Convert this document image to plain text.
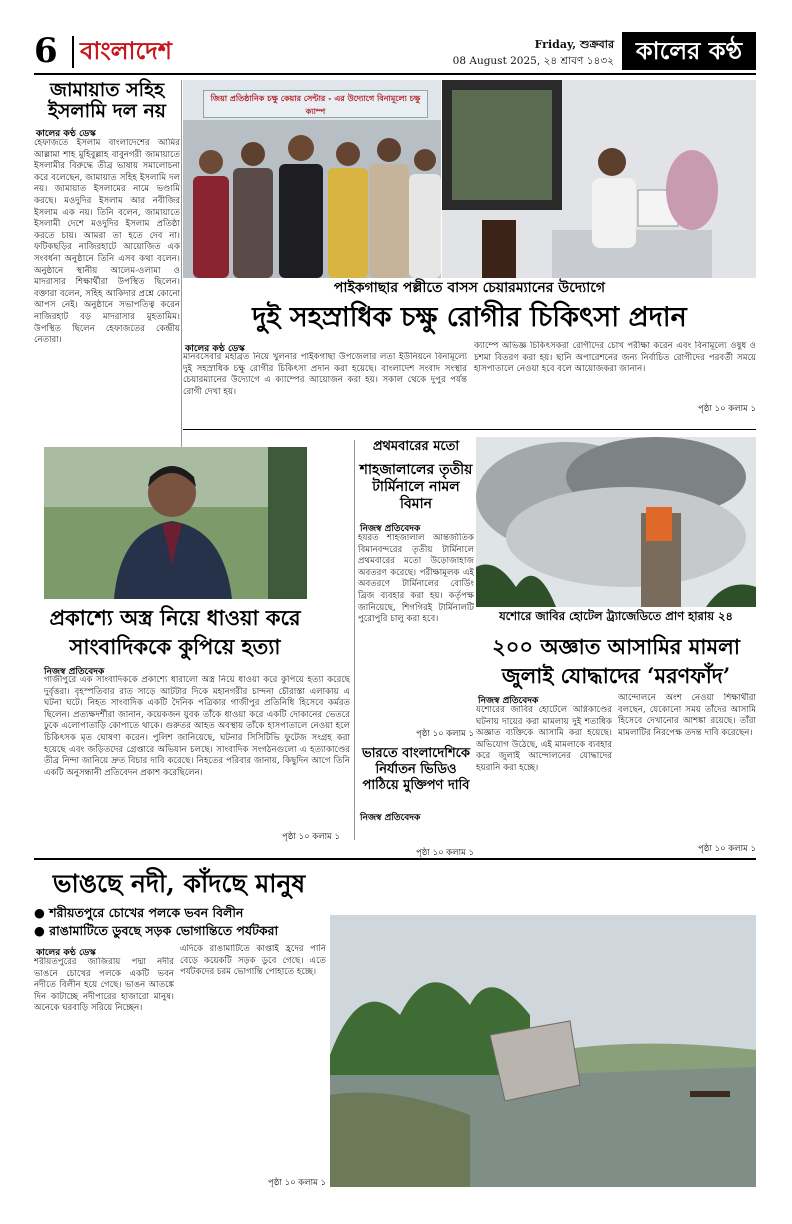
6 বাংলাদেশ	Friday, শুক্রবার
08 August 2025, ২৪ শ্রাবণ ১৪৩২ কালের কণ্ঠ
জামায়াত সহিহ ইসলামি দল নয়
কালের কণ্ঠ ডেস্ক
হেফাজতে ইসলাম বাংলাদেশের আমির আল্লামা শাহ মুহিবুল্লাহ বাবুনগরী জামায়াতে ইসলামীর বিরুদ্ধে তীব্র ভাষায় সমালোচনা করে বলেছেন, জামায়াত সহিহ ইসলামি দল নয়। জামায়াত ইসলামের নামে ভণ্ডামি করছে। মওদুদির ইসলাম আর নবীজির ইসলাম এক নয়। তিনি বলেন, জামায়াতে ইসলামী দেশে মওদুদির ইসলাম প্রতিষ্ঠা করতে চায়। আমরা তা হতে দেব না। ফটিকছড়ির নাজিরহাটে আয়োজিত এক সংবর্ধনা অনুষ্ঠানে তিনি এসব কথা বলেন। অনুষ্ঠানে স্থানীয় আলেম-ওলামা ও মাদরাসার শিক্ষার্থীরা উপস্থিত ছিলেন। বক্তারা বলেন, সহিহ আকিদার প্রশ্নে কোনো আপস নেই। অনুষ্ঠানে সভাপতিত্ব করেন নাজিরহাট বড় মাদরাসার মুহতামিম। উপস্থিত ছিলেন হেফাজতের কেন্দ্রীয় নেতারা।
জিয়া প্রতিষ্ঠানিক চক্ষু কেয়ার সেন্টার - এর উদ্যোগে বিনামূল্যে চক্ষু ক্যাম্প
পাইকগাছার পল্লীতে বাসস চেয়ারম্যানের উদ্যোগে
দুই সহস্রাধিক চক্ষু রোগীর চিকিৎসা প্রদান
কালের কণ্ঠ ডেস্ক
মানবসেবার মহাব্রত নিয়ে খুলনার পাইকগাছা উপজেলার লতা ইউনিয়নে বিনামূল্যে দুই সহস্রাধিক চক্ষু রোগীর চিকিৎসা প্রদান করা হয়েছে। বাংলাদেশ সংবাদ সংস্থার চেয়ারম্যানের উদ্যোগে এ ক্যাম্পের আয়োজন করা হয়। সকাল থেকে দুপুর পর্যন্ত রোগী দেখা হয়।
ক্যাম্পে অভিজ্ঞ চিকিৎসকরা রোগীদের চোখ পরীক্ষা করেন এবং বিনামূল্যে ওষুধ ও চশমা বিতরণ করা হয়। ছানি অপারেশনের জন্য নির্বাচিত রোগীদের পরবর্তী সময়ে হাসপাতালে নেওয়া হবে বলে আয়োজকরা জানান।
পৃষ্ঠা ১০ কলাম ১
প্রকাশ্যে অস্ত্র নিয়ে ধাওয়া করে সাংবাদিককে কুপিয়ে হত্যা
নিজস্ব প্রতিবেদক
গাজীপুরে এক সাংবাদিককে প্রকাশ্যে ধারালো অস্ত্র নিয়ে ধাওয়া করে কুপিয়ে হত্যা করেছে দুর্বৃত্তরা। বৃহস্পতিবার রাত সাড়ে আটটার দিকে মহানগরীর চান্দনা চৌরাস্তা এলাকায় এ ঘটনা ঘটে। নিহত সাংবাদিক একটি দৈনিক পত্রিকার গাজীপুর প্রতিনিধি হিসেবে কর্মরত ছিলেন। প্রত্যক্ষদর্শীরা জানান, কয়েকজন যুবক তাঁকে ধাওয়া করে একটি দোকানের ভেতরে ঢুকে এলোপাতাড়ি কোপাতে থাকে। গুরুতর আহত অবস্থায় তাঁকে হাসপাতালে নেওয়া হলে চিকিৎসক মৃত ঘোষণা করেন। পুলিশ জানিয়েছে, ঘটনার সিসিটিভি ফুটেজ সংগ্রহ করা হয়েছে এবং জড়িতদের গ্রেপ্তারে অভিযান চলছে। সাংবাদিক সংগঠনগুলো এ হত্যাকাণ্ডের তীব্র নিন্দা জানিয়ে দ্রুত বিচার দাবি করেছে। নিহতের পরিবার জানায়, কিছুদিন আগে তিনি একটি অনুসন্ধানী প্রতিবেদন প্রকাশ করেছিলেন।
পৃষ্ঠা ১০ কলাম ১
প্রথমবারের মতো
শাহজালালের তৃতীয় টার্মিনালে নামল বিমান
নিজস্ব প্রতিবেদক
হযরত শাহজালাল আন্তর্জাতিক বিমানবন্দরের তৃতীয় টার্মিনালে প্রথমবারের মতো উড়োজাহাজ অবতরণ করেছে। পরীক্ষামূলক এই অবতরণে টার্মিনালের বোর্ডিং ব্রিজ ব্যবহার করা হয়। কর্তৃপক্ষ জানিয়েছে, শিগগিরই টার্মিনালটি পুরোপুরি চালু করা হবে।
পৃষ্ঠা ১০ কলাম ১
ভারতে বাংলাদেশিকে নির্যাতন ভিডিও পাঠিয়ে মুক্তিপণ দাবি
নিজস্ব প্রতিবেদক
পৃষ্ঠা ১০ কলাম ১
যশোরে জাবির হোটেল ট্র্যাজেডিতে প্রাণ হারায় ২৪
২০০ অজ্ঞাত আসামির মামলা জুলাই যোদ্ধাদের ‘মরণফাঁদ’
নিজস্ব প্রতিবেদক
যশোরের জাবির হোটেলে অগ্নিকাণ্ডের ঘটনায় দায়ের করা মামলায় দুই শতাধিক অজ্ঞাত ব্যক্তিকে আসামি করা হয়েছে। অভিযোগ উঠেছে, এই মামলাকে ব্যবহার করে জুলাই আন্দোলনের যোদ্ধাদের হয়রানি করা হচ্ছে।
আন্দোলনে অংশ নেওয়া শিক্ষার্থীরা বলছেন, যেকোনো সময় তাঁদের আসামি হিসেবে দেখানোর আশঙ্কা রয়েছে। তাঁরা মামলাটির নিরপেক্ষ তদন্ত দাবি করেছেন।
পৃষ্ঠা ১০ কলাম ১
ভাঙছে নদী, কাঁদছে মানুষ
● শরীয়তপুরে চোখের পলকে ভবন বিলীন
● রাঙামাটিতে ডুবছে সড়ক ভোগান্তিতে পর্যটকরা
কালের কণ্ঠ ডেস্ক
শরীয়তপুরের জাজিরায় পদ্মা নদীর ভাঙনে চোখের পলকে একটি ভবন নদীতে বিলীন হয়ে গেছে। ভাঙন আতঙ্কে দিন কাটাচ্ছে নদীপারের হাজারো মানুষ। অনেকে ঘরবাড়ি সরিয়ে নিচ্ছেন।
এদিকে রাঙামাটিতে কাপ্তাই হ্রদের পানি বেড়ে কয়েকটি সড়ক ডুবে গেছে। এতে পর্যটকদের চরম ভোগান্তি পোহাতে হচ্ছে।
পৃষ্ঠা ১০ কলাম ১
